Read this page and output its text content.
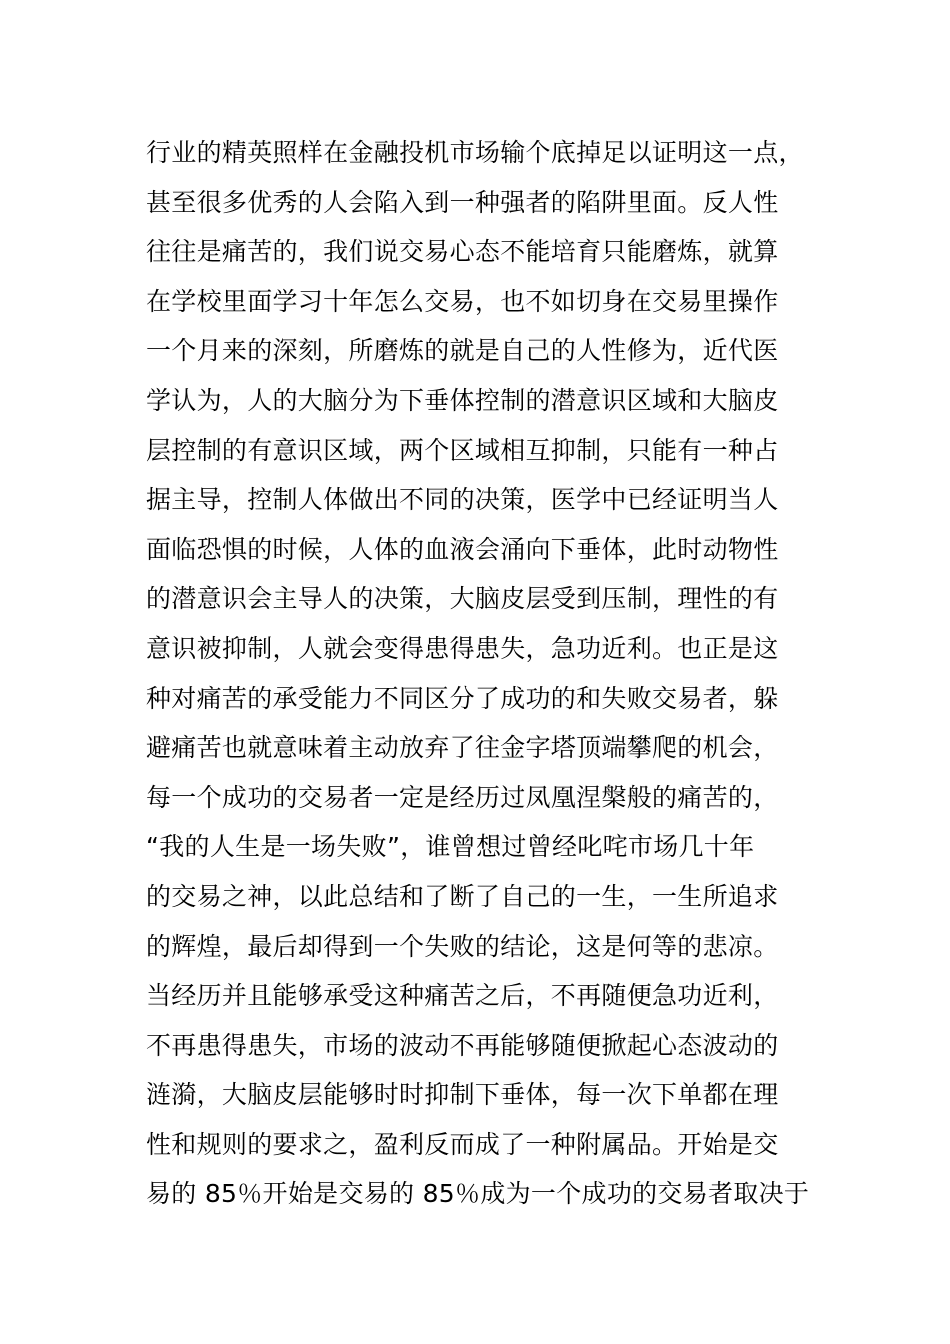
行业的精英照样在金融投机市场输个底掉足以证明这一点，
甚至很多优秀的人会陷入到一种强者的陷阱里面。反人性
往往是痛苦的，我们说交易心态不能培育只能磨炼，就算
在学校里面学习十年怎么交易，也不如切身在交易里操作
一个月来的深刻，所磨炼的就是自己的人性修为，近代医
学认为，人的大脑分为下垂体控制的潜意识区域和大脑皮
层控制的有意识区域，两个区域相互抑制，只能有一种占
据主导，控制人体做出不同的决策，医学中已经证明当人
面临恐惧的时候，人体的血液会涌向下垂体，此时动物性
的潜意识会主导人的决策，大脑皮层受到压制，理性的有
意识被抑制，人就会变得患得患失，急功近利。也正是这
种对痛苦的承受能力不同区分了成功的和失败交易者，躲
避痛苦也就意味着主动放弃了往金字塔顶端攀爬的机会，
每一个成功的交易者一定是经历过凤凰涅槃般的痛苦的，
“我的人生是一场失败”，谁曾想过曾经叱咤市场几十年
的交易之神，以此总结和了断了自己的一生，一生所追求
的辉煌，最后却得到一个失败的结论，这是何等的悲凉。
当经历并且能够承受这种痛苦之后，不再随便急功近利，
不再患得患失，市场的波动不再能够随便掀起心态波动的
涟漪，大脑皮层能够时时抑制下垂体，每一次下单都在理
性和规则的要求之，盈利反而成了一种附属品。开始是交
易的 85％开始是交易的 85％成为一个成功的交易者取决于
